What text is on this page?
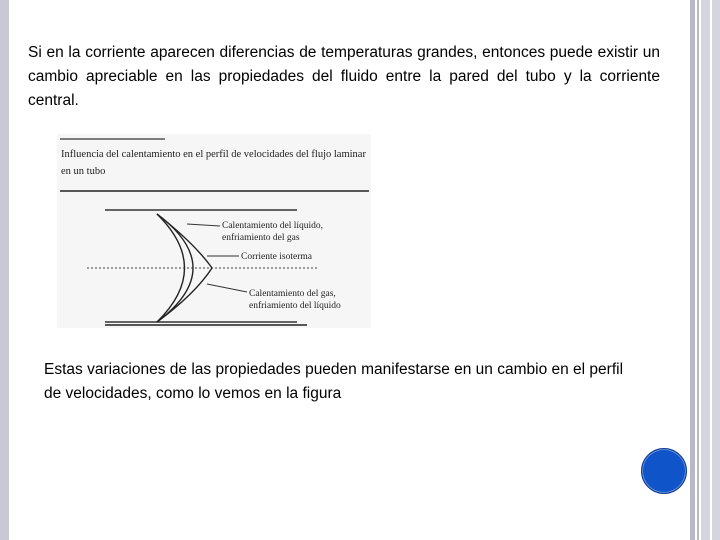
Si en la corriente aparecen diferencias de temperaturas grandes, entonces puede existir un cambio apreciable en las propiedades del fluido entre la pared del tubo y la corriente central.

Influencia del calentamiento en el perfil de velocidades del flujo laminar
en un tubo
Calentamiento del líquido,
enfriamiento del gas
Corriente isoterma
Calentamiento del gas,
enfriamiento del líquido

Estas variaciones de las propiedades pueden manifestarse en un cambio en el perfil de velocidades, como lo vemos en la figura
